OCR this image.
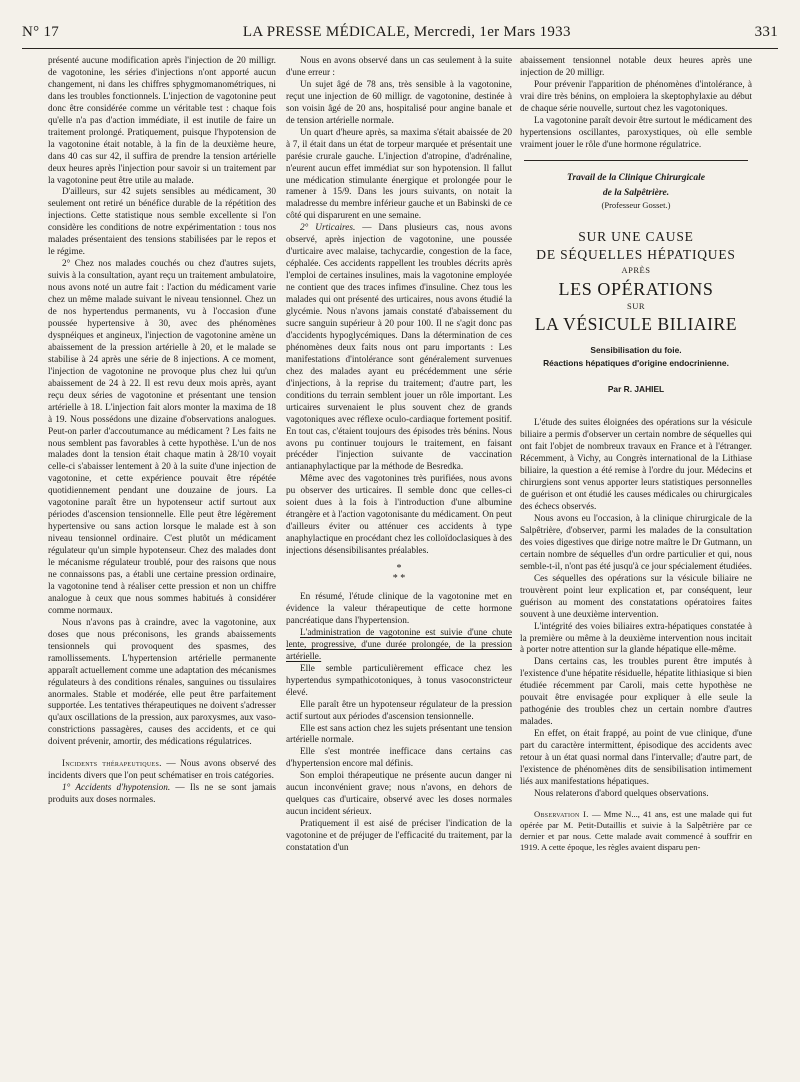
N° 17	LA PRESSE MÉDICALE, Mercredi, 1er Mars 1933	331

présenté aucune modification après l'injection de 20 milligr. de vagotonine, les séries d'injections n'ont apporté aucun changement, ni dans les chiffres sphygmomanométriques, ni dans les troubles fonctionnels. L'injection de vagotonine peut donc être considérée comme un véritable test : chaque fois qu'elle n'a pas d'action immédiate, il est inutile de faire un traitement prolongé. Pratiquement, puisque l'hypotension de la vagotonine était notable, à la fin de la deuxième heure, dans 40 cas sur 42, il suffira de prendre la tension artérielle deux heures après l'injection pour savoir si un traitement par la vagotonine peut être utile au malade.

D'ailleurs, sur 42 sujets sensibles au médicament, 30 seulement ont retiré un bénéfice durable de la répétition des injections. Cette statistique nous semble excellente si l'on considère les conditions de notre expérimentation : tous nos malades présentaient des tensions stabilisées par le repos et le régime.

2° Chez nos malades couchés ou chez d'autres sujets, suivis à la consultation, ayant reçu un traitement ambulatoire, nous avons noté un autre fait : l'action du médicament varie chez un même malade suivant le niveau tensionnel. Chez un de nos hypertendus permanents, vu à l'occasion d'une poussée hypertensive à 30, avec des phénomènes dyspnéiques et angineux, l'injection de vagotonine amène un abaissement de la pression artérielle à 20, et le malade se stabilise à 24 après une série de 8 injections. A ce moment, l'injection de vagotonine ne provoque plus chez lui qu'un abaissement de 24 à 22. Il est revu deux mois après, ayant reçu deux séries de vagotonine et présentant une tension artérielle à 18. L'injection fait alors monter la maxima de 18 à 19. Nous possédons une dizaine d'observations analogues. Peut-on parler d'accoutumance au médicament ? Les faits ne nous semblent pas favorables à cette hypothèse. L'un de nos malades dont la tension était chaque matin à 28/10 voyait celle-ci s'abaisser lentement à 20 à la suite d'une injection de vagotonine, et cette expérience pouvait être répétée quotidiennement pendant une douzaine de jours. La vagotonine paraît être un hypotenseur actif surtout aux périodes d'ascension tensionnelle. Elle peut être légèrement hypertensive ou sans action lorsque le malade est à son niveau tensionnel ordinaire. C'est plutôt un médicament régulateur qu'un simple hypotenseur. Chez des malades dont le mécanisme régulateur troublé, pour des raisons que nous ne connaissons pas, a établi une certaine pression ordinaire, la vagotonine tend à réaliser cette pression et non un chiffre analogue à ceux que nous sommes habitués à considérer comme normaux.

Nous n'avons pas à craindre, avec la vagotonine, aux doses que nous préconisons, les grands abaissements tensionnels qui provoquent des spasmes, des ramollissements. L'hypertension artérielle permanente apparaît actuellement comme une adaptation des mécanismes régulateurs à des conditions rénales, sanguines ou tissulaires anormales. Stable et modérée, elle peut être parfaitement supportée. Les tentatives thérapeutiques ne doivent s'adresser qu'aux oscillations de la pression, aux paroxysmes, aux vaso-constrictions passagères, causes des accidents, et ce qui doivent prévenir, amortir, des médications régulatrices.

Incidents thérapeutiques. — Nous avons observé des incidents divers que l'on peut schématiser en trois catégories.

1° Accidents d'hypotension. — Ils ne se sont jamais produits aux doses normales.

Nous en avons observé dans un cas seulement à la suite d'une erreur :

Un sujet âgé de 78 ans, très sensible à la vagotonine, reçut une injection de 60 milligr. de vagotonine, destinée à son voisin âgé de 20 ans, hospitalisé pour angine banale et de tension artérielle normale.

Un quart d'heure après, sa maxima s'était abaissée de 20 à 7, il était dans un état de torpeur marquée et présentait une parésie crurale gauche. L'injection d'atropine, d'adrénaline, n'eurent aucun effet immédiat sur son hypotension. Il fallut une médication stimulante énergique et prolongée pour le ramener à 15/9. Dans les jours suivants, on notait la maladresse du membre inférieur gauche et un Babinski de ce côté qui disparurent en une semaine.

2° Urticaires. — Dans plusieurs cas, nous avons observé, après injection de vagotonine, une poussée d'urticaire avec malaise, tachycardie, congestion de la face, céphalée. Ces accidents rappellent les troubles décrits après l'emploi de certaines insulines, mais la vagotonine employée ne contient que des traces infimes d'insuline. Chez tous les malades qui ont présenté des urticaires, nous avons étudié la glycémie. Nous n'avons jamais constaté d'abaissement du sucre sanguin supérieur à 20 pour 100. Il ne s'agit donc pas d'accidents hypoglycémiques. Dans la détermination de ces phénomènes deux faits nous ont paru importants : Les manifestations d'intolérance sont généralement survenues chez des malades ayant eu précédemment une série d'injections, à la reprise du traitement; d'autre part, les conditions du terrain semblent jouer un rôle important. Les urticaires survenaient le plus souvent chez de grands vagotoniques avec réflexe oculo-cardiaque fortement positif. En tout cas, c'étaient toujours des épisodes très bénins. Nous avons pu continuer toujours le traitement, en faisant précéder l'injection suivante de vaccination antianaphylactique par la méthode de Besredka.

Même avec des vagotonines très purifiées, nous avons pu observer des urticaires. Il semble donc que celles-ci soient dues à la fois à l'introduction d'une albumine étrangère et à l'action vagotonisante du médicament. On peut d'ailleurs éviter ou atténuer ces accidents à type anaphylactique en procédant chez les colloïdoclasiques à des injections désensibilisantes préalables.

*
* *

En résumé, l'étude clinique de la vagotonine met en évidence la valeur thérapeutique de cette hormone pancréatique dans l'hypertension.

L'administration de vagotonine est suivie d'une chute lente, progressive, d'une durée prolongée, de la pression artérielle.

Elle semble particulièrement efficace chez les hypertendus sympathicotoniques, à tonus vasoconstricteur élevé.

Elle paraît être un hypotenseur régulateur de la pression actif surtout aux périodes d'ascension tensionnelle.

Elle est sans action chez les sujets présentant une tension artérielle normale.

Elle s'est montrée inefficace dans certains cas d'hypertension encore mal définis.

Son emploi thérapeutique ne présente aucun danger ni aucun inconvénient grave; nous n'avons, en dehors de quelques cas d'urticaire, observé avec les doses normales aucun incident sérieux.

Pratiquement il est aisé de préciser l'indication de la vagotonine et de préjuger de l'efficacité du traitement, par la constatation d'un

abaissement tensionnel notable deux heures après une injection de 20 milligr.

Pour prévenir l'apparition de phénomènes d'intolérance, à vrai dire très bénins, on emploiera la skeptophylaxie au début de chaque série nouvelle, surtout chez les vagotoniques.

La vagotonine paraît devoir être surtout le médicament des hypertensions oscillantes, paroxystiques, où elle semble vraiment jouer le rôle d'une hormone régulatrice.

Travail de la Clinique Chirurgicale
de la Salpêtrière.
(Professeur Gosset.)
SUR UNE CAUSE
DE SÉQUELLES HÉPATIQUES
APRÈS
LES OPÉRATIONS
SUR
LA VÉSICULE BILIAIRE
Sensibilisation du foie.
Réactions hépatiques d'origine endocrinienne.
Par R. JAHIEL

L'étude des suites éloignées des opérations sur la vésicule biliaire a permis d'observer un certain nombre de séquelles qui ont fait l'objet de nombreux travaux en France et à l'étranger. Récemment, à Vichy, au Congrès international de la Lithiase biliaire, la question a été remise à l'ordre du jour. Médecins et chirurgiens sont venus apporter leurs statistiques personnelles de guérison et ont étudié les causes médicales ou chirurgicales des échecs observés.

Nous avons eu l'occasion, à la clinique chirurgicale de la Salpêtrière, d'observer, parmi les malades de la consultation des voies digestives que dirige notre maître le Dr Gutmann, un certain nombre de séquelles d'un ordre particulier et qui, nous semble-t-il, n'ont pas été jusqu'à ce jour spécialement étudiées.

Ces séquelles des opérations sur la vésicule biliaire ne trouvèrent point leur explication et, par conséquent, leur guérison au moment des constatations opératoires faites souvent à une deuxième intervention.

L'intégrité des voies biliaires extra-hépatiques constatée à la première ou même à la deuxième intervention nous incitait à porter notre attention sur la glande hépatique elle-même.

Dans certains cas, les troubles purent être imputés à l'existence d'une hépatite résiduelle, hépatite lithiasique si bien étudiée récemment par Caroli, mais cette hypothèse ne pouvait être envisagée pour expliquer à elle seule la pathogénie des troubles chez un certain nombre d'autres malades.

En effet, on était frappé, au point de vue clinique, d'une part du caractère intermittent, épisodique des accidents avec retour à un état quasi normal dans l'intervalle; d'autre part, de l'existence de phénomènes dits de sensibilisation intimement liés aux manifestations hépatiques.

Nous relaterons d'abord quelques observations.

Observation I. — Mme N..., 41 ans, est une malade qui fut opérée par M. Petit-Dutaillis et suivie à la Salpêtrière par ce dernier et par nous. Cette malade avait commencé à souffrir en 1919. A cette époque, les règles avaient disparu pen-
